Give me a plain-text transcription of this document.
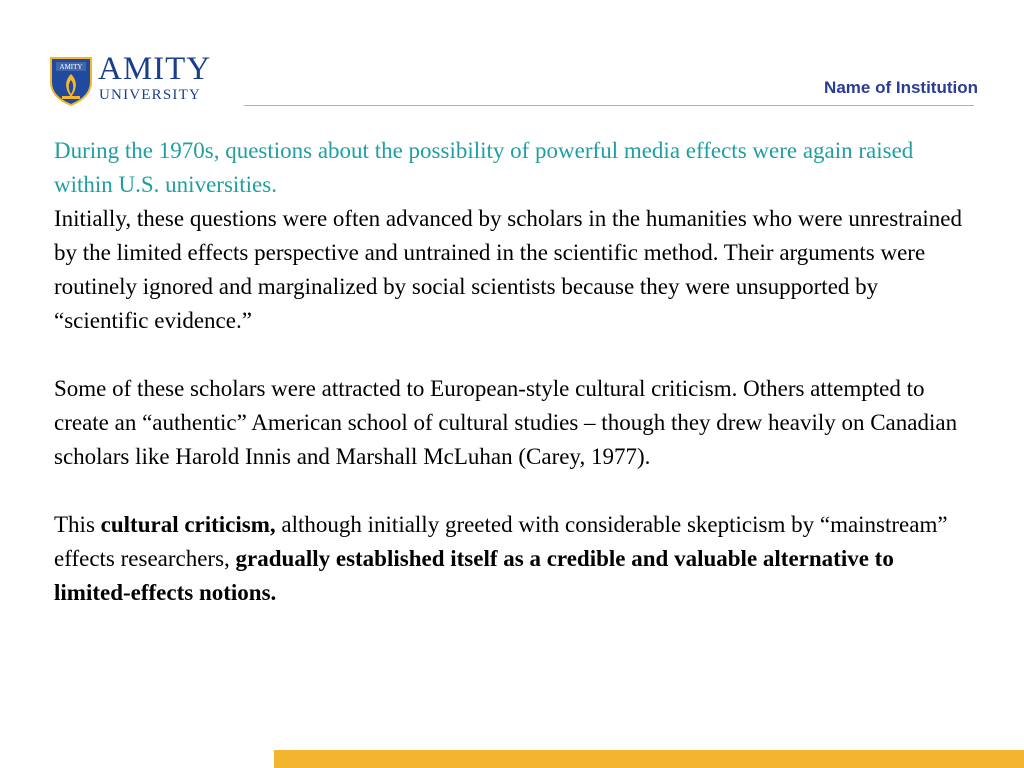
AMITY AMITY
UNIVERSITY	Name of Institution

During the 1970s, questions about the possibility of powerful media effects were again raised within U.S. universities.

Initially, these questions were often advanced by scholars in the humanities who were unrestrained by the limited effects perspective and untrained in the scientific method. Their arguments were routinely ignored and marginalized by social scientists because they were unsupported by “scientific evidence.”

Some of these scholars were attracted to European-style cultural criticism. Others attempted to create an “authentic” American school of cultural studies – though they drew heavily on Canadian scholars like Harold Innis and Marshall McLuhan (Carey, 1977).

This cultural criticism, although initially greeted with considerable skepticism by “mainstream” effects researchers, gradually established itself as a credible and valuable alternative to limited-effects notions.
